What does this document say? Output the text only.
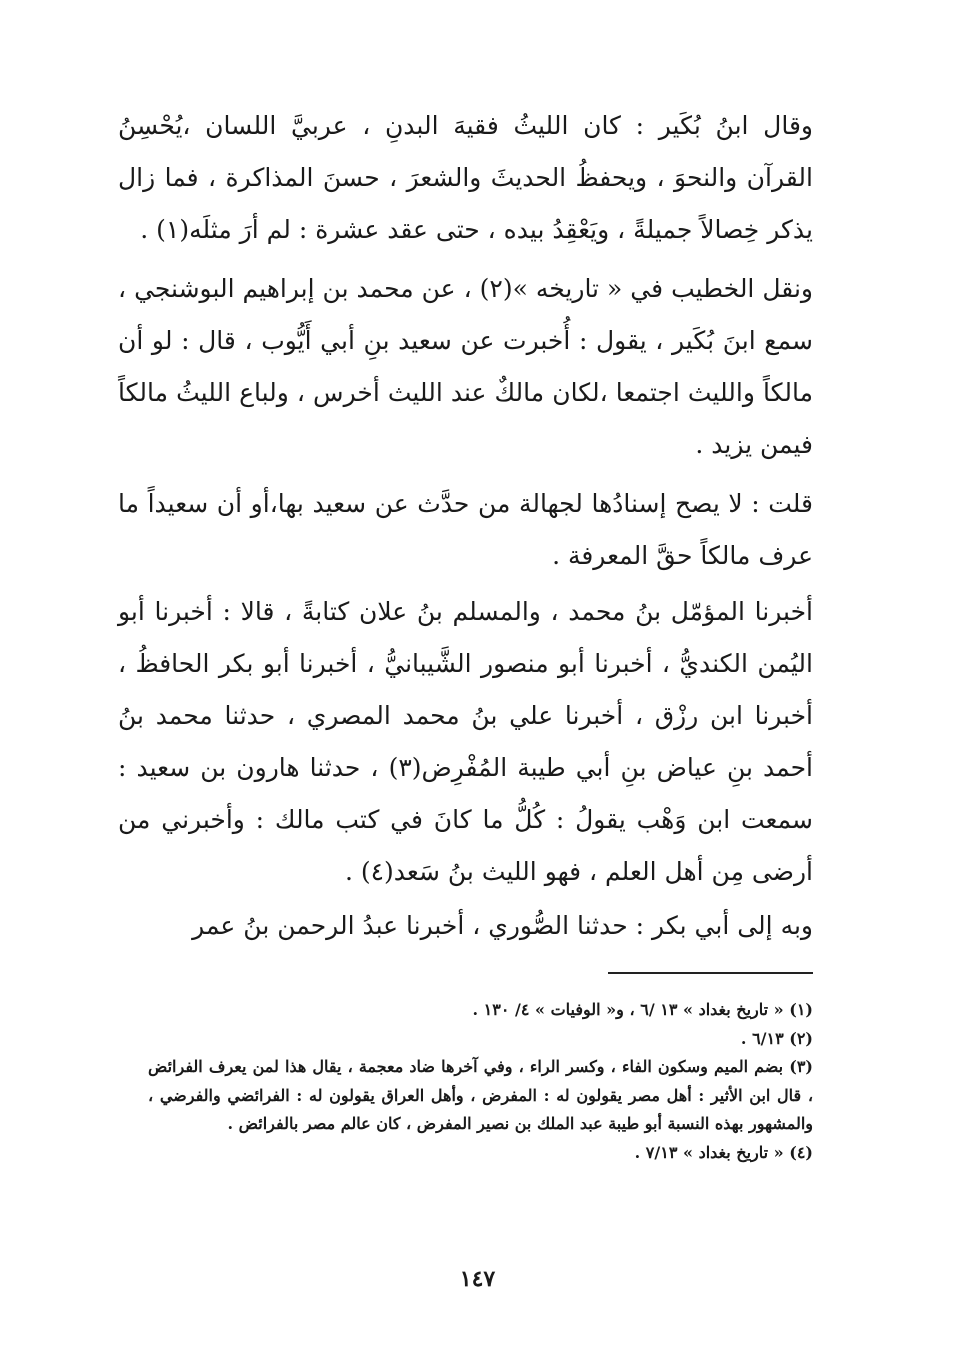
وقال ابنُ بُكَير : كان الليثُ فقيهَ البدنِ ، عربيَّ اللسان ،يُحْسِنُ القرآن والنحوَ ، ويحفظُ الحديثَ والشعرَ ، حسنَ المذاكرة ، فما زال يذكر خِصالاً جميلةً ، ويَعْقِدُ بيده ، حتى عقد عشرة : لم أرَ مثلَه(١) .

ونقل الخطيب في « تاريخه »(٢) ، عن محمد بن إبراهيم البوشنجي ، سمع ابنَ بُكَير ، يقول : أُخبرت عن سعيد بنِ أبي أَيُّوب ، قال : لو أن مالكاً والليث اجتمعا ،لكان مالكٌ عند الليث أخرس ، ولباع الليثُ مالكاً فيمن يزيد .

قلت : لا يصح إسنادُها لجهالة من حدَّث عن سعيد بها،أو أن سعيداً ما عرف مالكاً حقَّ المعرفة .

أخبرنا المؤمّل بنُ محمد ، والمسلم بنُ علان كتابةً ، قالا : أخبرنا أبو اليُمن الكنديُّ ، أخبرنا أبو منصور الشَّيبانيُّ ، أخبرنا أبو بكر الحافظُ ، أخبرنا ابن رزْق ، أخبرنا علي بنُ محمد المصري ، حدثنا محمد بنُ أحمد بنِ عياض بنِ أبي طيبة المُفْرِض(٣) ، حدثنا هارون بن سعيد : سمعت ابن وَهْب يقولُ : كُلُّ ما كانَ في كتب مالك : وأخبرني من أرضى مِن أهل العلم ، فهو الليث بنُ سَعد(٤) .

وبه إلى أبي بكر : حدثنا الصُّوري ، أخبرنا عبدُ الرحمن بنُ عمر

(١) « تاريخ بغداد » ١٣ /٦ ، و« الوفيات » ٤/ ١٣٠ .

(٢) ٦/١٣ .

(٣) بضم الميم وسكون الفاء ، وكسر الراء ، وفي آخرها ضاد معجمة ، يقال هذا لمن يعرف الفرائض ، قال ابن الأثير : أهل مصر يقولون له : المفرض ، وأهل العراق يقولون له : الفرائضي والفرضي ، والمشهور بهذه النسبة أبو طيبة عبد الملك بن نصير المفرض ، كان عالم مصر بالفرائض .

(٤) « تاريخ بغداد » ٧/١٣ .

١٤٧
